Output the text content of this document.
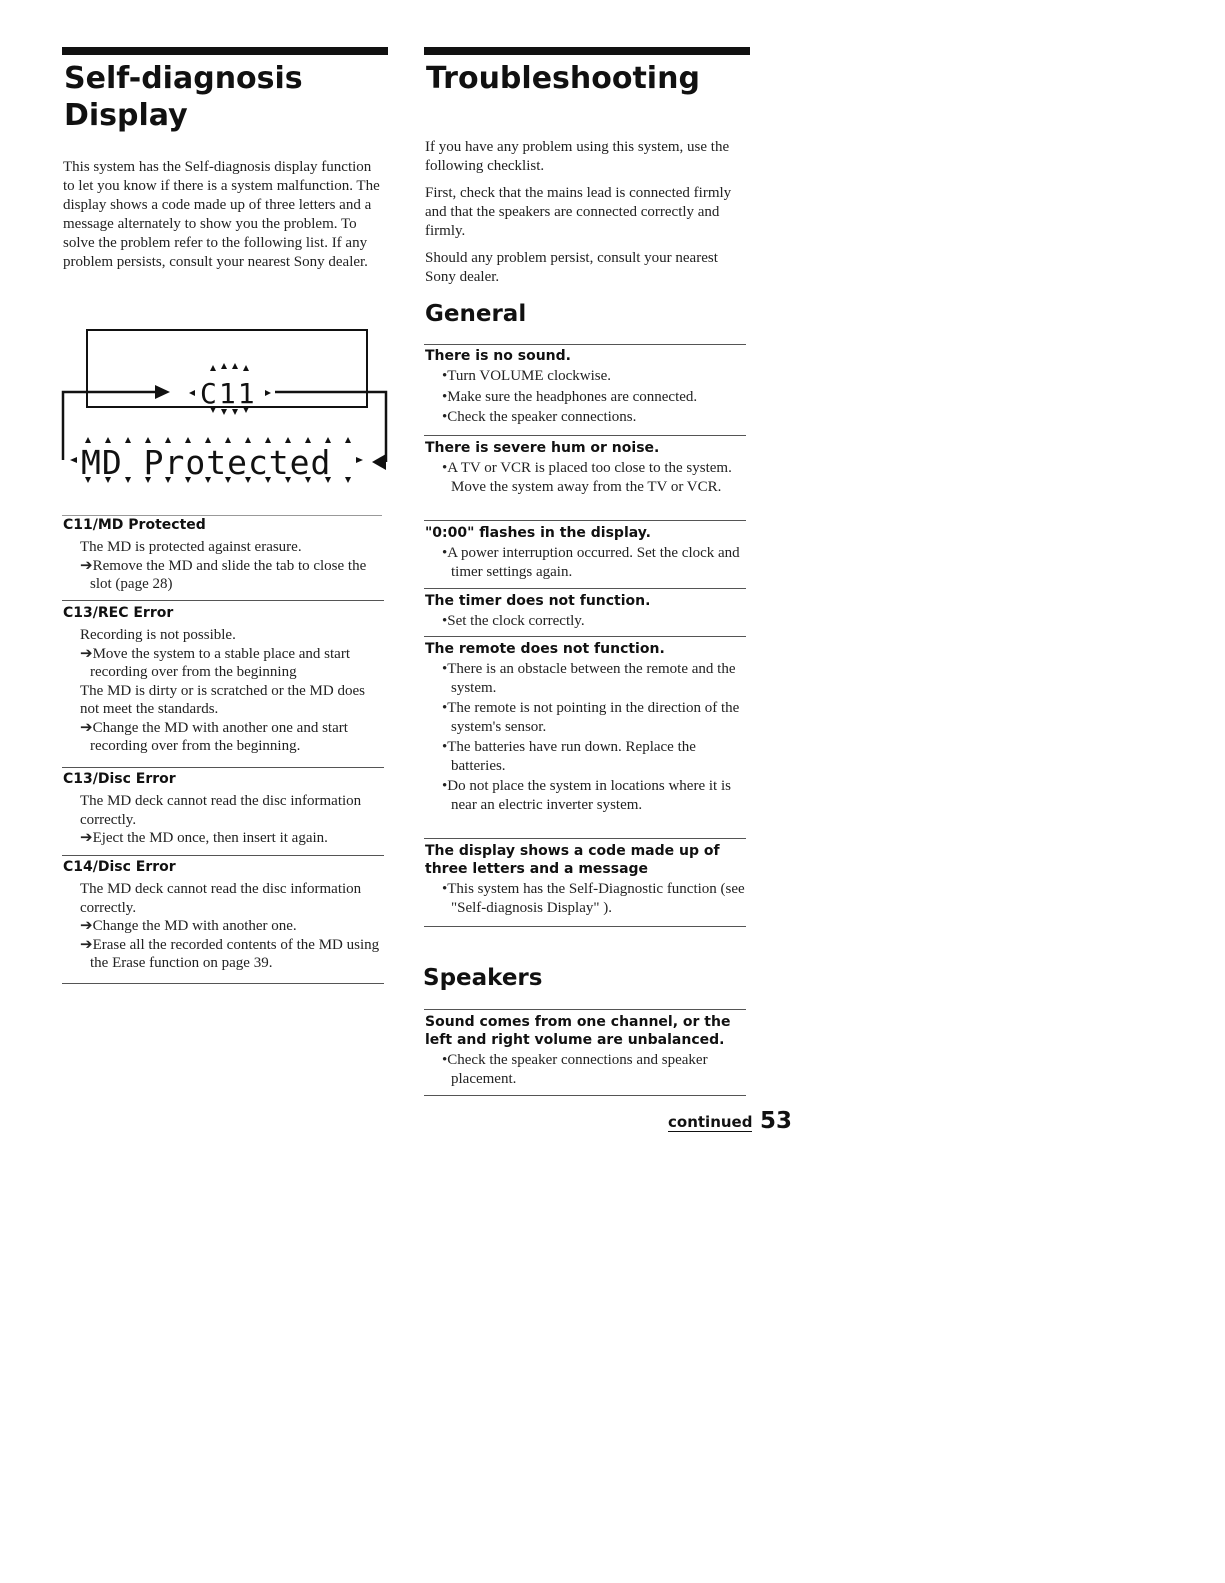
Self-diagnosis
Display

This system has the Self-diagnosis display function to let you know if there is a system malfunction. The display shows a code made up of three letters and a message alternately to show you the problem. To solve the problem refer to the following list. If any problem persists, consult your nearest Sony dealer.

C11
MD Protected
C11/MD Protected

The MD is protected against erasure.

➔Remove the MD and slide the tab to close the slot (page 28)

C13/REC Error

Recording is not possible.

➔Move the system to a stable place and start recording over from the beginning

The MD is dirty or is scratched or the MD does not meet the standards.

➔Change the MD with another one and start recording over from the beginning.

C13/Disc Error

The MD deck cannot read the disc information correctly.

➔Eject the MD once, then insert it again.

C14/Disc Error

The MD deck cannot read the disc information correctly.

➔Change the MD with another one.

➔Erase all the recorded contents of the MD using the Erase function on page 39.

Troubleshooting

If you have any problem using this system, use the following checklist.

First, check that the mains lead is connected firmly and that the speakers are connected correctly and firmly.

Should any problem persist, consult your nearest Sony dealer.

General
There is no sound.

•Turn VOLUME clockwise.

•Make sure the headphones are connected.

•Check the speaker connections.

There is severe hum or noise.

•A TV or VCR is placed too close to the system. Move the system away from the TV or VCR.

"0:00" flashes in the display.

•A power interruption occurred. Set the clock and timer settings again.

The timer does not function.

•Set the clock correctly.

The remote does not function.

•There is an obstacle between the remote and the system.

•The remote is not pointing in the direction of the system's sensor.

•The batteries have run down. Replace the batteries.

•Do not place the system in locations where it is near an electric inverter system.

The display shows a code made up of three letters and a message

•This system has the Self-Diagnostic function (see "Self-diagnosis Display" ).

Speakers
Sound comes from one channel, or the left and right volume are unbalanced.

•Check the speaker connections and speaker placement.

continued 53
